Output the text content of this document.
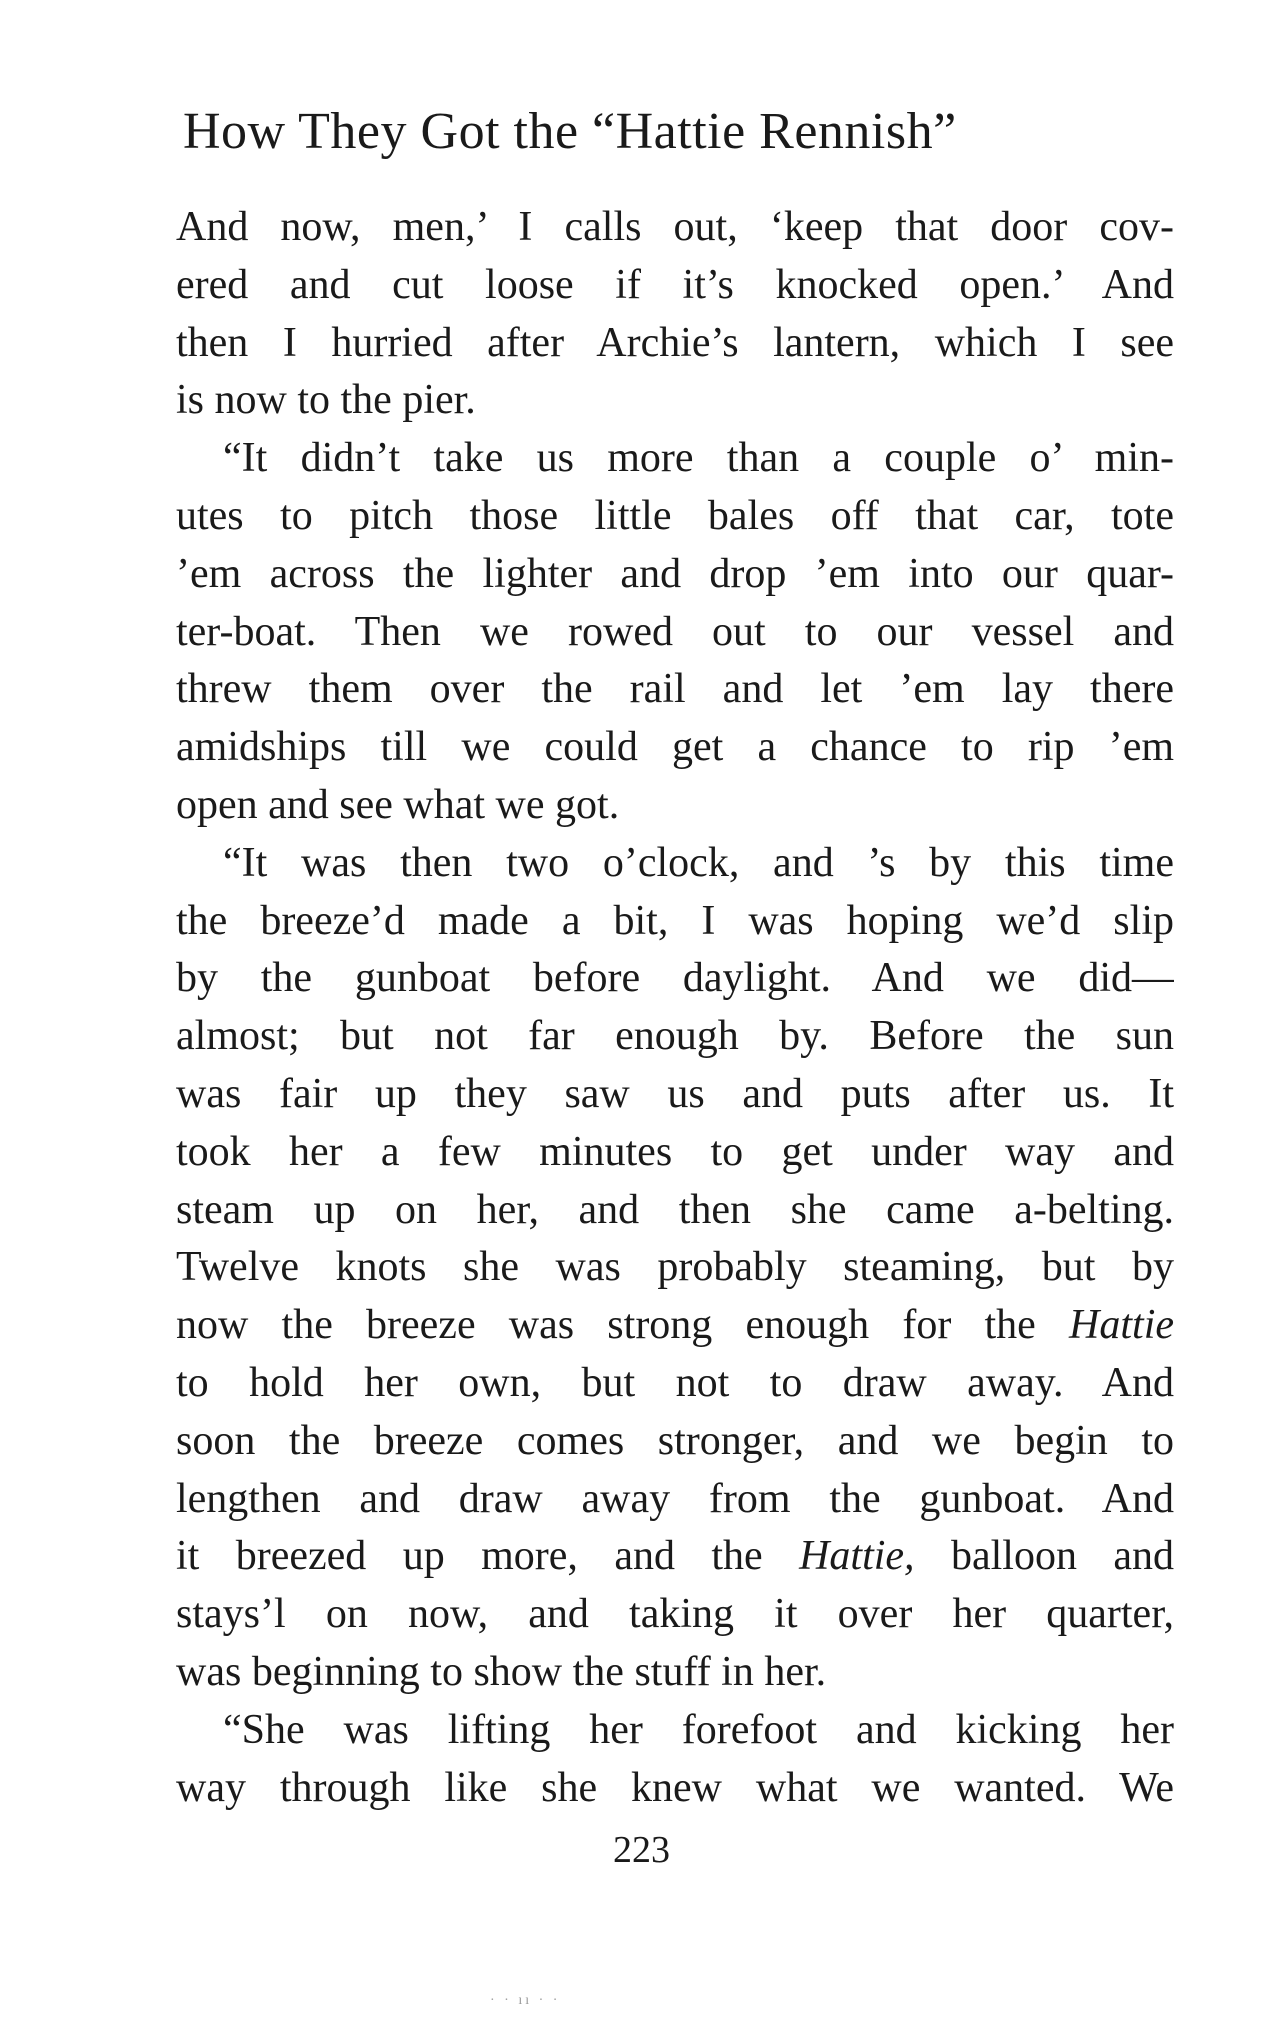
How They Got the “Hattie Rennish”
And now, men,’ I calls out, ‘keep that door cov-
ered and cut loose if it’s knocked open.’ And
then I hurried after Archie’s lantern, which I see
is now to the pier.
“It didn’t take us more than a couple o’ min-
utes to pitch those little bales off that car, tote
’em across the lighter and drop ’em into our quar-
ter-boat. Then we rowed out to our vessel and
threw them over the rail and let ’em lay there
amidships till we could get a chance to rip ’em
open and see what we got.
“It was then two o’clock, and ’s by this time
the breeze’d made a bit, I was hoping we’d slip
by the gunboat before daylight. And we did—
almost; but not far enough by. Before the sun
was fair up they saw us and puts after us. It
took her a few minutes to get under way and
steam up on her, and then she came a-belting.
Twelve knots she was probably steaming, but by
now the breeze was strong enough for the Hattie
to hold her own, but not to draw away. And
soon the breeze comes stronger, and we begin to
lengthen and draw away from the gunboat. And
it breezed up more, and the Hattie, balloon and
stays’l on now, and taking it over her quarter,
was beginning to show the stuff in her.
“She was lifting her forefoot and kicking her
way through like she knew what we wanted. We
223
· · ıı · ·
